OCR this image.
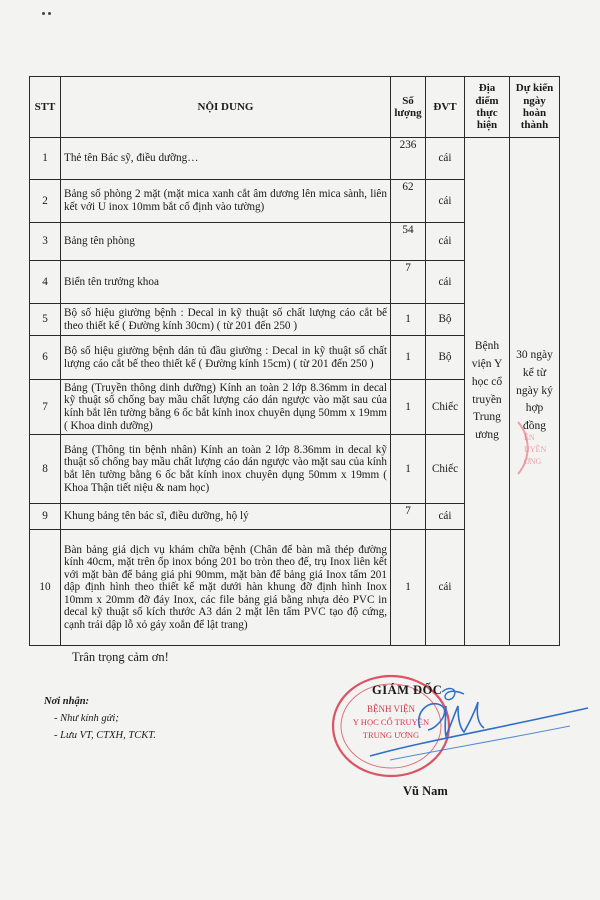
STT	NỘI DUNG	Số lượng	ĐVT	Địa điểm thực hiện	Dự kiến ngày hoàn thành
1	Thẻ tên Bác sỹ, điều dưỡng…	236	cái	Bệnh viện Y học cổ truyền Trung ương	30 ngày kể từ ngày ký hợp đồng
2	Bảng số phòng 2 mặt (mặt mica xanh cắt âm dương lên mica sành, liên kết với U inox 10mm bắt cố định vào tường)	62	cái		
3	Bảng tên phòng	54	cái		
4	Biển tên trưởng khoa	7	cái		
5	Bộ số hiệu giường bệnh : Decal in kỹ thuật số chất lượng cáo cắt bế theo thiết kế ( Đường kính 30cm) ( từ 201 đến 250 )	1	Bộ		
6	Bộ số hiệu giường bệnh dán tủ đầu giường : Decal in kỹ thuật số chất lượng cáo cắt bế theo thiết kế ( Đường kính 15cm) ( từ 201 đến 250 )	1	Bộ		
7	Bảng (Truyền thông dinh dưỡng) Kính an toàn 2 lớp 8.36mm in decal kỹ thuật số chống bay mầu chất lượng cáo dán ngược vào mặt sau của kính bắt lên tường bằng 6 ốc bắt kính inox chuyên dụng 50mm x 19mm ( Khoa dinh dưỡng)	1	Chiếc		
8	Bảng (Thông tin bệnh nhân) Kính an toàn 2 lớp 8.36mm in decal kỹ thuật số chống bay mầu chất lượng cáo dán ngược vào mặt sau của kính bắt lên tường bằng 6 ốc bắt kính inox chuyên dụng 50mm x 19mm ( Khoa Thận tiết niệu & nam học)	1	Chiếc		
9	Khung bảng tên bác sĩ, điều dưỡng, hộ lý	7	cái		
10	Bàn bảng giá dịch vụ khám chữa bệnh (Chân để bàn mã thép đường kính 40cm, mặt trên ốp inox bóng 201 bo tròn theo đế, trụ Inox liên kết với mặt bàn để bảng giá phi 90mm, mặt bàn để bảng giá Inox tấm 201 dập định hình theo thiết kế mặt dưới hàn khung đỡ định hình Inox 10mm x 20mm đỡ đáy Inox, các file bảng giá bằng nhựa dẻo PVC in decal kỹ thuật số kích thước A3 dán 2 mặt lên tấm PVC tạo độ cứng, cạnh trái dập lỗ xỏ gáy xoắn để lật trang)	1	cái		
ỆN
UYỀN
ƠNG
Trân trọng cảm ơn!
Nơi nhận:
- Như kính gửi;
- Lưu VT, CTXH, TCKT.
BỆNH VIỆN
Y HỌC CỔ TRUYỀN
TRUNG ƯƠNG
GIÁM ĐỐC
Vũ Nam
